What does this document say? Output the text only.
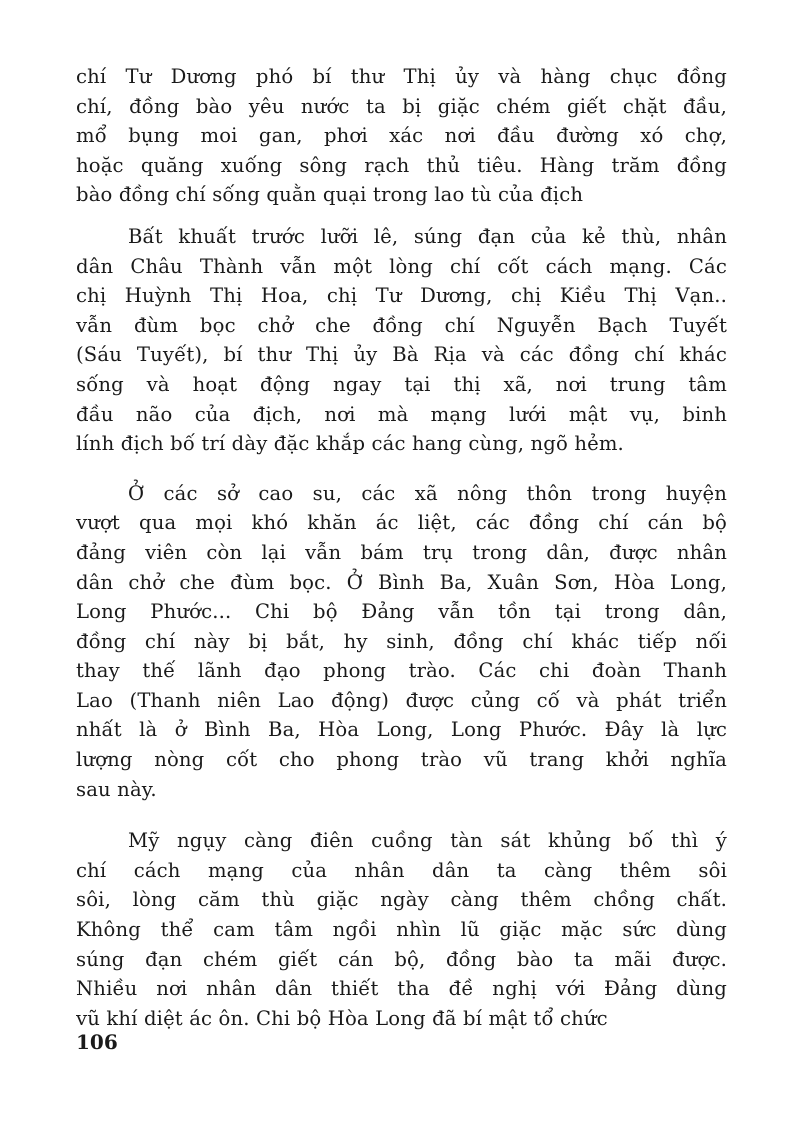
chí Tư Dương phó bí thư Thị ủy và hàng chục đồng
chí, đồng bào yêu nước ta bị giặc chém giết chặt đầu,
mổ bụng moi gan, phơi xác nơi đầu đường xó chợ,
hoặc quăng xuống sông rạch thủ tiêu. Hàng trăm đồng
bào đồng chí sống quằn quại trong lao tù của địch

Bất khuất trước lưỡi lê, súng đạn của kẻ thù, nhân
dân Châu Thành vẫn một lòng chí cốt cách mạng. Các
chị Huỳnh Thị Hoa, chị Tư Dương, chị Kiều Thị Vạn..
vẫn đùm bọc chở che đồng chí Nguyễn Bạch Tuyết
(Sáu Tuyết), bí thư Thị ủy Bà Rịa và các đồng chí khác
sống và hoạt động ngay tại thị xã, nơi trung tâm
đầu não của địch, nơi mà mạng lưới mật vụ, binh
lính địch bố trí dày đặc khắp các hang cùng, ngõ hẻm.

Ở các sở cao su, các xã nông thôn trong huyện
vượt qua mọi khó khăn ác liệt, các đồng chí cán bộ
đảng viên còn lại vẫn bám trụ trong dân, được nhân
dân chở che đùm bọc. Ở Bình Ba, Xuân Sơn, Hòa Long,
Long Phước... Chi bộ Đảng vẫn tồn tại trong dân,
đồng chí này bị bắt, hy sinh, đồng chí khác tiếp nối
thay thế lãnh đạo phong trào. Các chi đoàn Thanh
Lao (Thanh niên Lao động) được củng cố và phát triển
nhất là ở Bình Ba, Hòa Long, Long Phước. Đây là lực
lượng nòng cốt cho phong trào vũ trang khởi nghĩa
sau này.

Mỹ ngụy càng điên cuồng tàn sát khủng bố thì ý
chí cách mạng của nhân dân ta càng thêm sôi
sôi, lòng căm thù giặc ngày càng thêm chồng chất.
Không thể cam tâm ngồi nhìn lũ giặc mặc sức dùng
súng đạn chém giết cán bộ, đồng bào ta mãi được.
Nhiều nơi nhân dân thiết tha đề nghị với Đảng dùng
vũ khí diệt ác ôn. Chi bộ Hòa Long đã bí mật tổ chức

106
